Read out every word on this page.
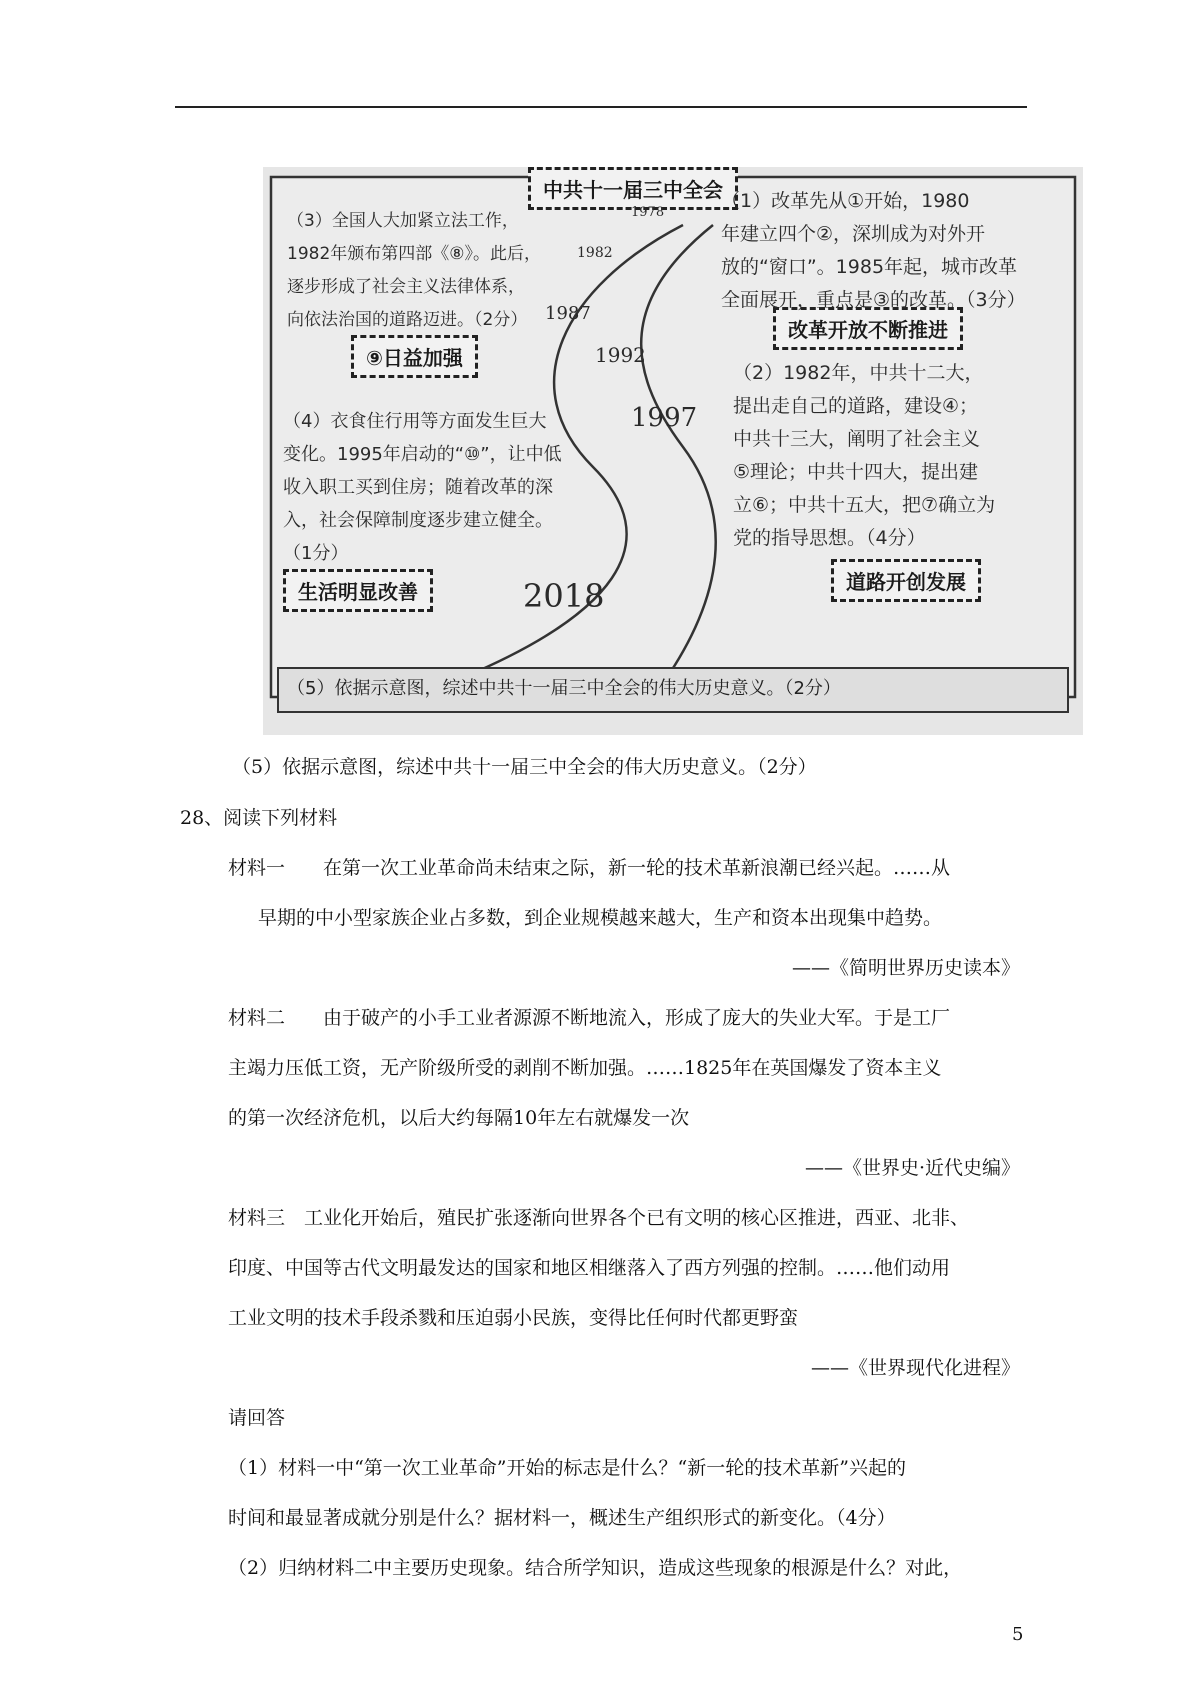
中共十一届三中全会
改革开放不断推进
⑨日益加强
生活明显改善	道路开创发展
1978
1982
1987
1992
1997
2018
（1）改革先从①开始，1980
年建立四个②，深圳成为对外开
放的“窗口”。1985年起，城市改革
全面展开，重点是③的改革。（3分）
（2）1982年，中共十二大，
提出走自己的道路，建设④；
中共十三大，阐明了社会主义
⑤理论；中共十四大，提出建
立⑥；中共十五大，把⑦确立为
党的指导思想。（4分）
（3）全国人大加紧立法工作，
1982年颁布第四部《⑧》。此后，
逐步形成了社会主义法律体系，
向依法治国的道路迈进。（2分）
（4）衣食住行用等方面发生巨大
变化。1995年启动的“⑩”，让中低
收入职工买到住房；随着改革的深
入，社会保障制度逐步建立健全。
（1分）
（5）依据示意图，综述中共十一届三中全会的伟大历史意义。（2分）
（5）依据示意图，综述中共十一届三中全会的伟大历史意义。（2分）
28、阅读下列材料
材料一　　在第一次工业革命尚未结束之际，新一轮的技术革新浪潮已经兴起。……从
早期的中小型家族企业占多数，到企业规模越来越大，生产和资本出现集中趋势。
——《简明世界历史读本》
材料二　　由于破产的小手工业者源源不断地流入，形成了庞大的失业大军。于是工厂
主竭力压低工资，无产阶级所受的剥削不断加强。……1825年在英国爆发了资本主义
的第一次经济危机，以后大约每隔10年左右就爆发一次
——《世界史·近代史编》
材料三　工业化开始后，殖民扩张逐渐向世界各个已有文明的核心区推进，西亚、北非、
印度、中国等古代文明最发达的国家和地区相继落入了西方列强的控制。……他们动用
工业文明的技术手段杀戮和压迫弱小民族，变得比任何时代都更野蛮
——《世界现代化进程》
请回答
（1）材料一中“第一次工业革命”开始的标志是什么？“新一轮的技术革新”兴起的
时间和最显著成就分别是什么？据材料一，概述生产组织形式的新变化。（4分）
（2）归纳材料二中主要历史现象。结合所学知识，造成这些现象的根源是什么？对此，
5
